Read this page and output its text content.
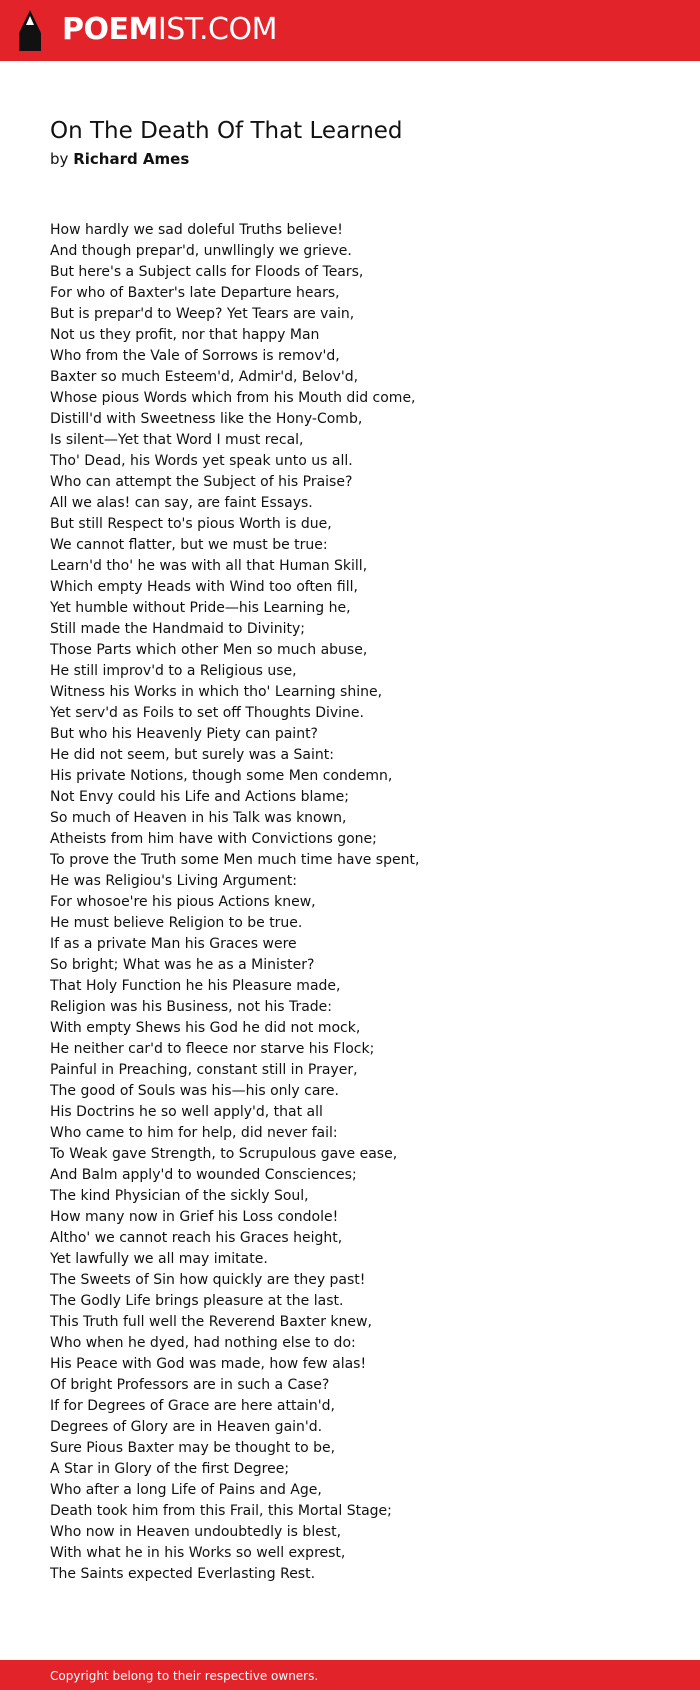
POEMIST.COM
On The Death Of That Learned
by Richard Ames
How hardly we sad doleful Truths believe!
And though prepar'd, unwllingly we grieve.
But here's a Subject calls for Floods of Tears,
For who of Baxter's late Departure hears,
But is prepar'd to Weep? Yet Tears are vain,
Not us they profit, nor that happy Man
Who from the Vale of Sorrows is remov'd,
Baxter so much Esteem'd, Admir'd, Belov'd,
Whose pious Words which from his Mouth did come,
Distill'd with Sweetness like the Hony-Comb,
Is silent—Yet that Word I must recal,
Tho' Dead, his Words yet speak unto us all.
Who can attempt the Subject of his Praise?
All we alas! can say, are faint Essays.
But still Respect to's pious Worth is due,
We cannot flatter, but we must be true:
Learn'd tho' he was with all that Human Skill,
Which empty Heads with Wind too often fill,
Yet humble without Pride—his Learning he,
Still made the Handmaid to Divinity;
Those Parts which other Men so much abuse,
He still improv'd to a Religious use,
Witness his Works in which tho' Learning shine,
Yet serv'd as Foils to set off Thoughts Divine.
But who his Heavenly Piety can paint?
He did not seem, but surely was a Saint:
His private Notions, though some Men condemn,
Not Envy could his Life and Actions blame;
So much of Heaven in his Talk was known,
Atheists from him have with Convictions gone;
To prove the Truth some Men much time have spent,
He was Religiou's Living Argument:
For whosoe're his pious Actions knew,
He must believe Religion to be true.
If as a private Man his Graces were
So bright; What was he as a Minister?
That Holy Function he his Pleasure made,
Religion was his Business, not his Trade:
With empty Shews his God he did not mock,
He neither car'd to fleece nor starve his Flock;
Painful in Preaching, constant still in Prayer,
The good of Souls was his—his only care.
His Doctrins he so well apply'd, that all
Who came to him for help, did never fail:
To Weak gave Strength, to Scrupulous gave ease,
And Balm apply'd to wounded Consciences;
The kind Physician of the sickly Soul,
How many now in Grief his Loss condole!
Altho' we cannot reach his Graces height,
Yet lawfully we all may imitate.
The Sweets of Sin how quickly are they past!
The Godly Life brings pleasure at the last.
This Truth full well the Reverend Baxter knew,
Who when he dyed, had nothing else to do:
His Peace with God was made, how few alas!
Of bright Professors are in such a Case?
If for Degrees of Grace are here attain'd,
Degrees of Glory are in Heaven gain'd.
Sure Pious Baxter may be thought to be,
A Star in Glory of the first Degree;
Who after a long Life of Pains and Age,
Death took him from this Frail, this Mortal Stage;
Who now in Heaven undoubtedly is blest,
With what he in his Works so well exprest,
The Saints expected Everlasting Rest.
Copyright belong to their respective owners.
